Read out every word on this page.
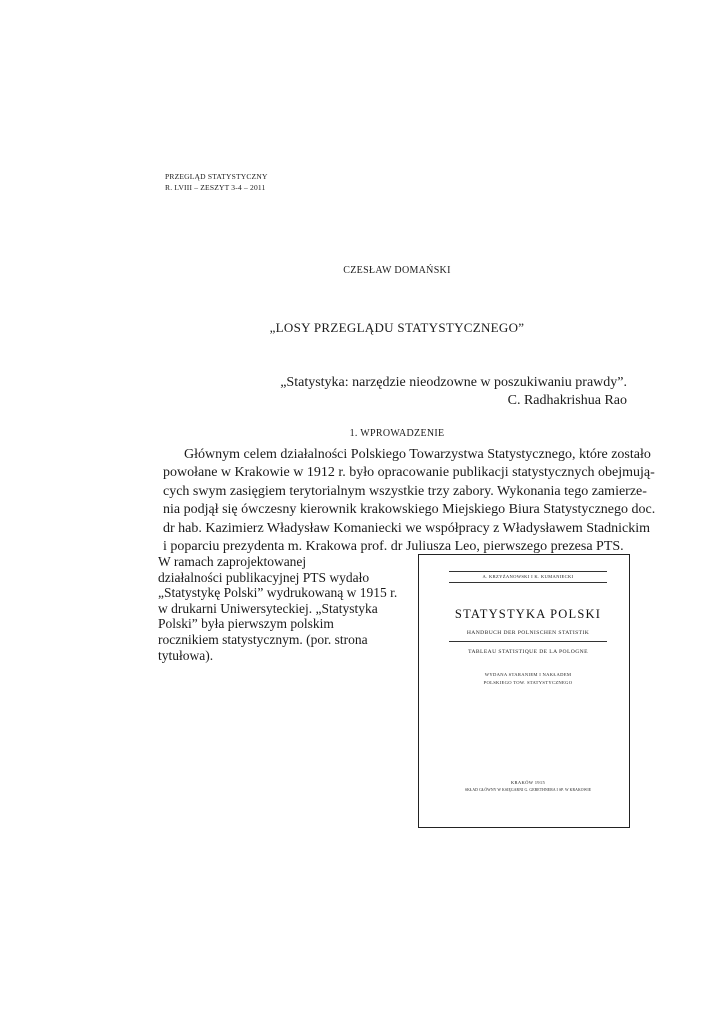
PRZEGLĄD STATYSTYCZNY
R. LVIII – ZESZYT 3-4 – 2011
CZESŁAW DOMAŃSKI
„LOSY PRZEGLĄDU STATYSTYCZNEGO”
„Statystyka: narzędzie nieodzowne w poszukiwaniu prawdy”.
C. Radhakrishua Rao
1. WPROWADZENIE
Głównym celem działalności Polskiego Towarzystwa Statystycznego, które zostało
powołane w Krakowie w 1912 r. było opracowanie publikacji statystycznych obejmują-
cych swym zasięgiem terytorialnym wszystkie trzy zabory. Wykonania tego zamierze-
nia podjął się ówczesny kierownik krakowskiego Miejskiego Biura Statystycznego doc.
dr hab. Kazimierz Władysław Komaniecki we współpracy z Władysławem Stadnickim
i poparciu prezydenta m. Krakowa prof. dr Juliusza Leo, pierwszego prezesa PTS.
W ramach zaprojektowanej
działalności publikacyjnej PTS wydało
„Statystykę Polski” wydrukowaną w 1915 r.
w drukarni Uniwersyteckiej. „Statystyka
Polski” była pierwszym polskim
rocznikiem statystycznym. (por. strona
tytułowa).
A. KRZYŻANOWSKI I K. KUMANIECKI
STATYSTYKA POLSKI
HANDBUCH DER POLNISCHEN STATISTIK
TABLEAU STATISTIQUE DE LA POLOGNE
WYDANA STARANIEM I NAKŁADEM
POLSKIEGO TOW. STATYSTYCZNEGO
KRAKÓW 1915
SKŁAD GŁÓWNY W KSIĘGARNI G. GEBETHNERA I SP. W KRAKOWIE
